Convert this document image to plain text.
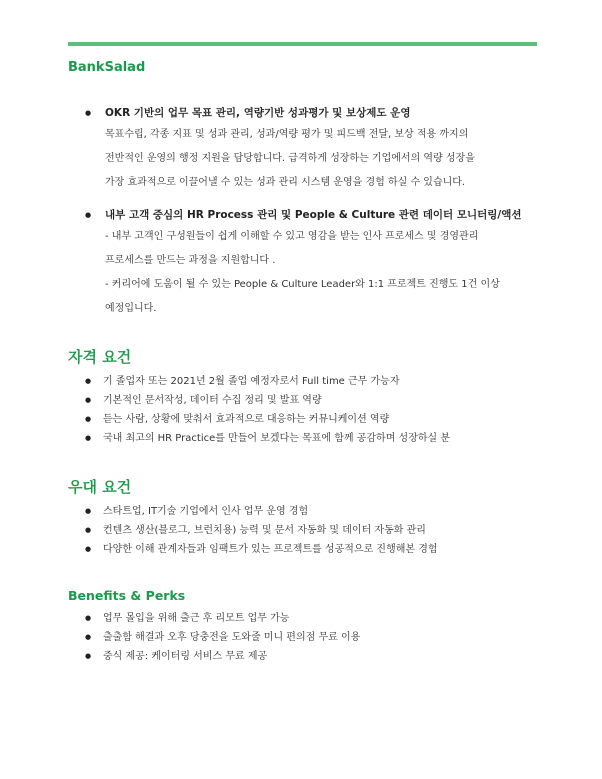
BankSalad
● OKR 기반의 업무 목표 관리, 역량기반 성과평가 및 보상제도 운영
목표수립, 각종 지표 및 성과 관리, 성과/역량 평가 및 피드백 전달, 보상 적용 까지의
전반적인 운영의 행정 지원을 담당합니다. 급격하게 성장하는 기업에서의 역량 성장을
가장 효과적으로 이끌어낼 수 있는 성과 관리 시스템 운영을 경험 하실 수 있습니다.
● 내부 고객 중심의 HR Process 관리 및 People & Culture 관련 데이터 모니터링/액션
- 내부 고객인 구성원들이 쉽게 이해할 수 있고 영감을 받는 인사 프로세스 및 경영관리
프로세스를 만드는 과정을 지원합니다 .
- 커리어에 도움이 될 수 있는 People & Culture Leader와 1:1 프로젝트 진행도 1건 이상
예정입니다.
자격 요건
● 기 졸업자 또는 2021년 2월 졸업 예정자로서 Full time 근무 가능자
● 기본적인 문서작성, 데이터 수집 정리 및 발표 역량
● 듣는 사람, 상황에 맞춰서 효과적으로 대응하는 커뮤니케이션 역량
● 국내 최고의 HR Practice를 만들어 보겠다는 목표에 함께 공감하며 성장하실 분
우대 요건
● 스타트업, IT기술 기업에서 인사 업무 운영 경험
● 컨텐츠 생산(블로그, 브런치용) 능력 및 문서 자동화 및 데이터 자동화 관리
● 다양한 이해 관계자들과 임팩트가 있는 프로젝트를 성공적으로 진행해본 경험
Benefits & Perks
● 업무 몰입을 위해 출근 후 리모트 업무 가능
● 출출함 해결과 오후 당충전을 도와줄 미니 편의점 무료 이용
● 중식 제공: 케이터링 서비스 무료 제공
